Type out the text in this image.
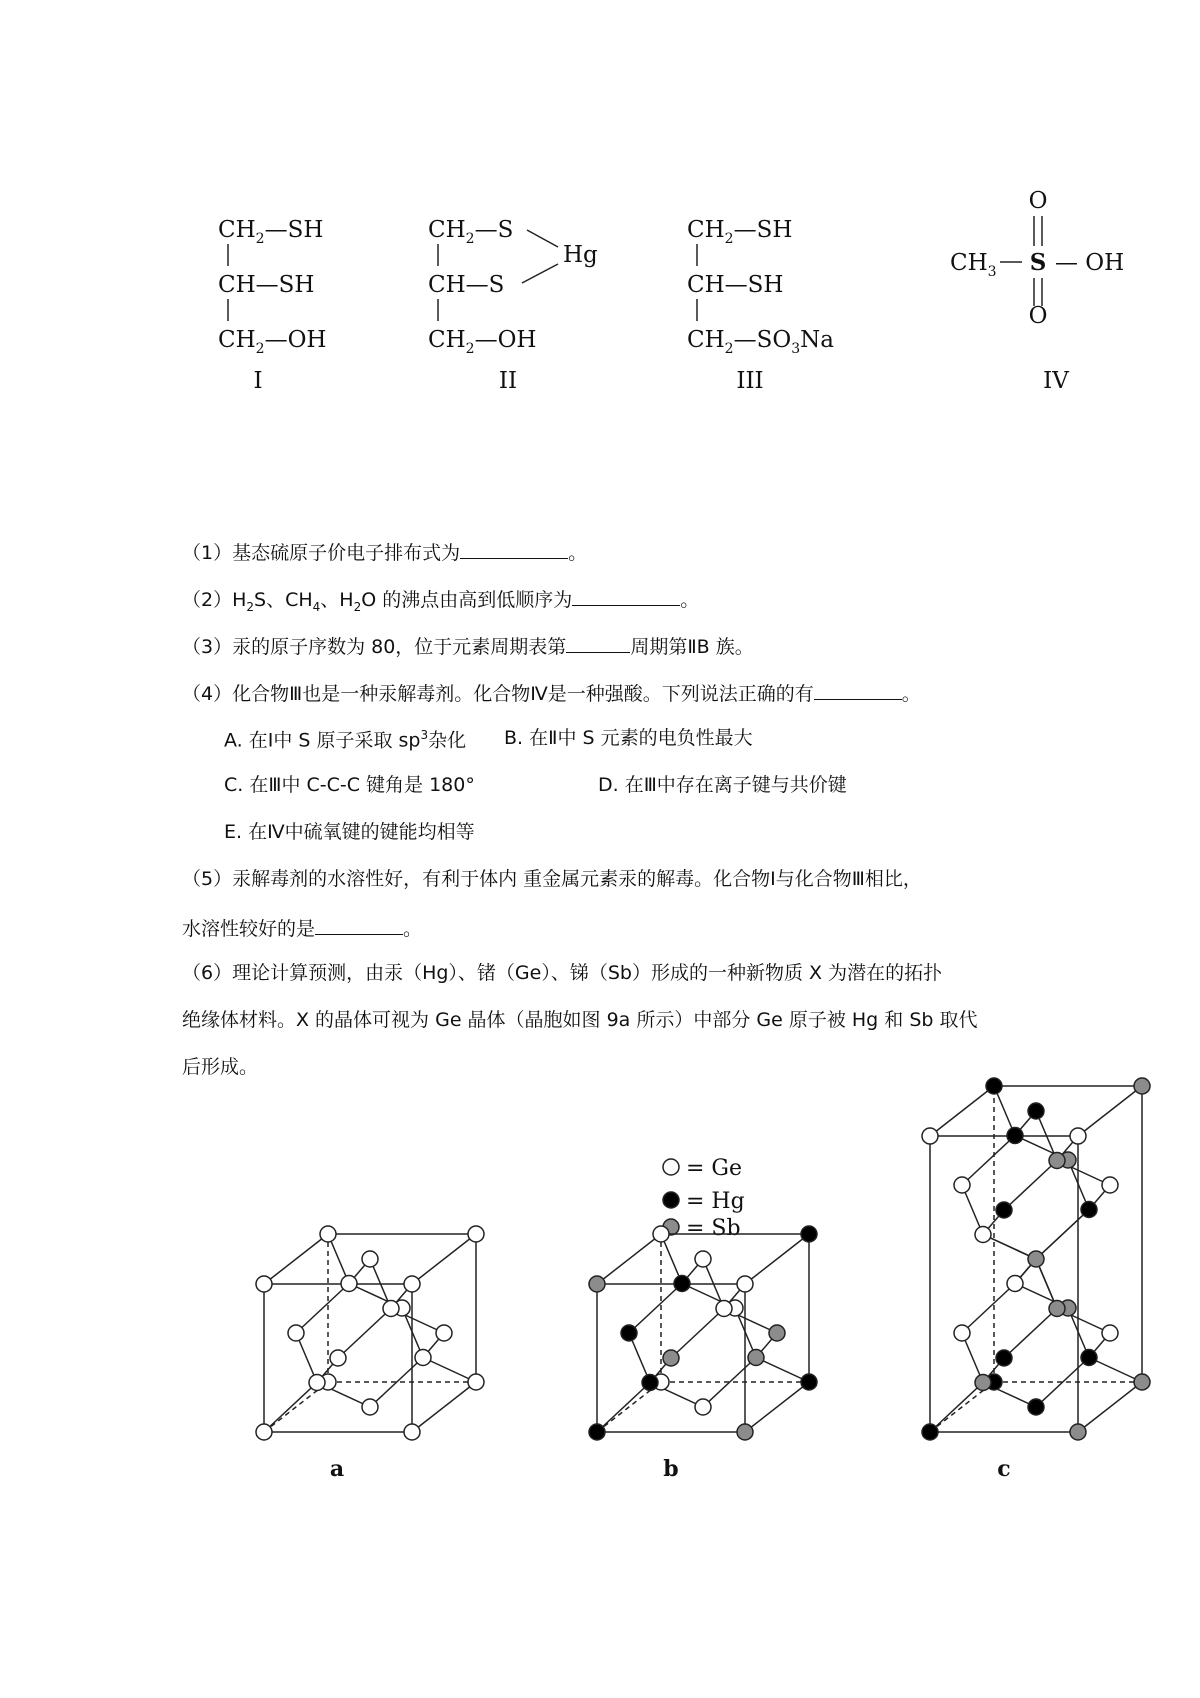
$CH_2—SH$
CH—SH
$CH_2—OH$
I
$CH_2—S$
CH—S
$CH_2—OH$
Hg
II
$CH_2—SH$
CH—SH
$CH_2—SO_3Na$
III
O
$CH_3$ S — OH
O
IV
（1）基态硫原子价电子排布式为	。
$(2)H_2S$、$CH_4$、$H_2O$ 的沸点由高到低顺序为	。
（3）汞的原子序数为 80，位于元素周期表第	周期第ⅡB 族。
（4）化合物Ⅲ也是一种汞解毒剂。化合物Ⅳ是一种强酸。下列说法正确的有	。
A. 在Ⅰ中 S 原子采取 $sp^3$杂化 B. 在Ⅱ中 S 元素的电负性最大
C. 在Ⅲ中 C-C-C 键角是 180°	D. 在Ⅲ中存在离子键与共价键
E. 在Ⅳ中硫氧键的键能均相等
（5）汞解毒剂的水溶性好，有利于体内 重金属元素汞的解毒。化合物Ⅰ与化合物Ⅲ相比，
水溶性较好的是	。
（6）理论计算预测，由汞（Hg）、锗（Ge）、锑（Sb）形成的一种新物质 X 为潜在的拓扑
绝缘体材料。X 的晶体可视为 Ge 晶体（晶胞如图 9a 所示）中部分 Ge 原子被 Hg 和 Sb 取代
后形成。
= Ge
= Hg
= Sb
a	b	c
